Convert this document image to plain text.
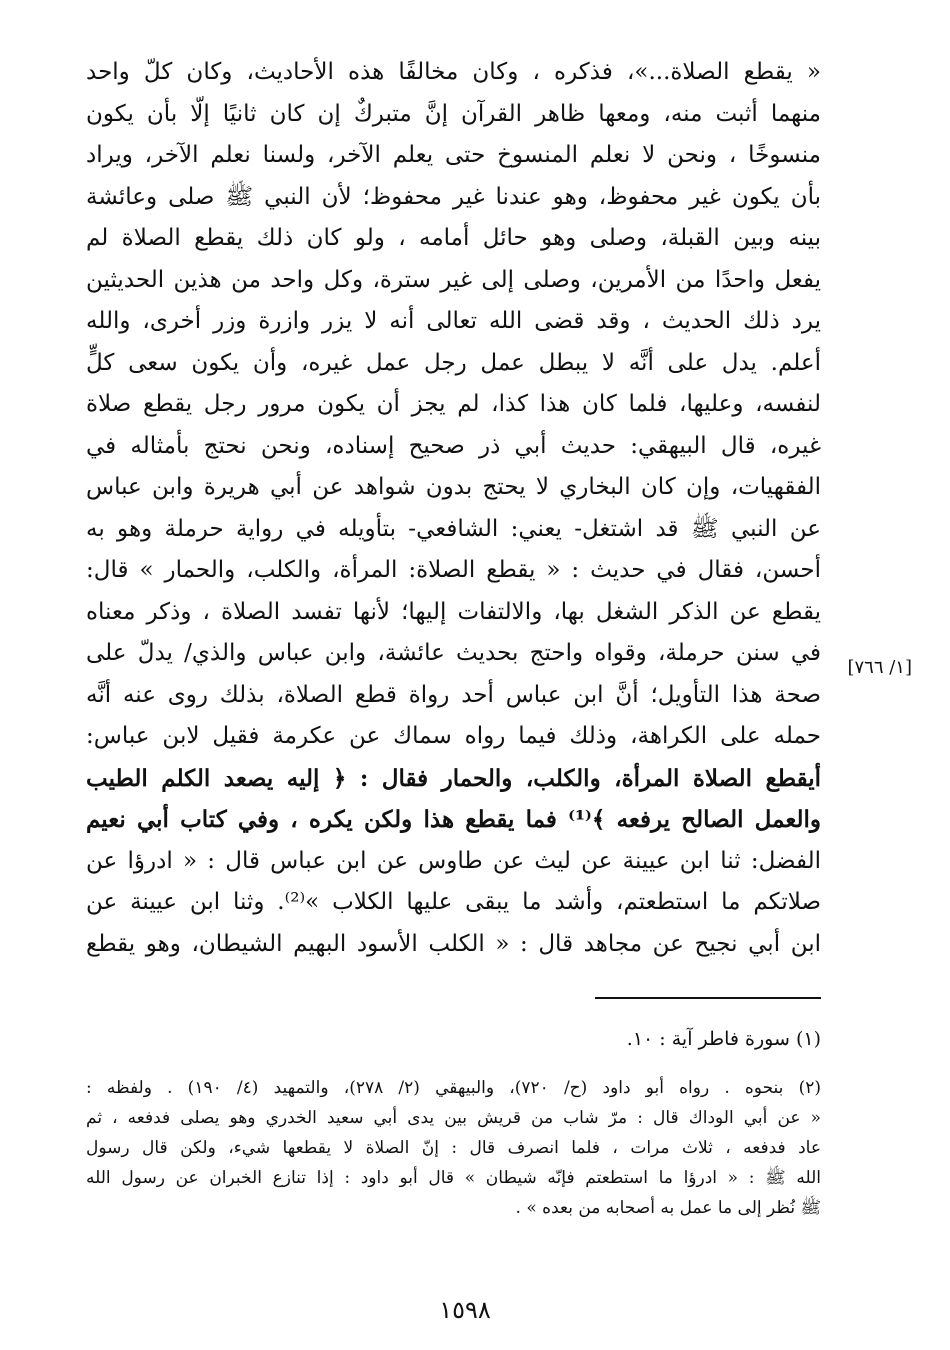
« يقطع الصلاة...»، فذكره ، وكان مخالفًا هذه الأحاديث، وكان كلّ واحد
منهما أثبت منه، ومعها ظاهر القرآن إنَّ متبركٌ إن كان ثانيًا إلّا بأن يكون
منسوخًا ، ونحن لا نعلم المنسوخ حتى يعلم الآخر، ولسنا نعلم الآخر، ويراد
بأن يكون غير محفوظ، وهو عندنا غير محفوظ؛ لأن النبي ﷺ صلى وعائشة
بينه وبين القبلة، وصلى وهو حائل أمامه ، ولو كان ذلك يقطع الصلاة لم
يفعل واحدًا من الأمرين، وصلى إلى غير سترة، وكل واحد من هذين الحديثين
يرد ذلك الحديث ، وقد قضى الله تعالى أنه لا يزر وازرة وزر أخرى، والله
أعلم. يدل على أنَّه لا يبطل عمل رجل عمل غيره، وأن يكون سعى كلٍّ
لنفسه، وعليها، فلما كان هذا كذا، لم يجز أن يكون مرور رجل يقطع صلاة
غيره، قال البيهقي: حديث أبي ذر صحيح إسناده، ونحن نحتج بأمثاله في
الفقهيات، وإن كان البخاري لا يحتج بدون شواهد عن أبي هريرة وابن عباس
عن النبي ﷺ قد اشتغل- يعني: الشافعي- بتأويله في رواية حرملة وهو به
أحسن، فقال في حديث : « يقطع الصلاة: المرأة، والكلب، والحمار » قال:
يقطع عن الذكر الشغل بها، والالتفات إليها؛ لأنها تفسد الصلاة ، وذكر معناه
في سنن حرملة، وقواه واحتج بحديث عائشة، وابن عباس والذي/ يدلّ على
صحة هذا التأويل؛ أنَّ ابن عباس أحد رواة قطع الصلاة، بذلك روى عنه أنَّه
حمله على الكراهة، وذلك فيما رواه سماك عن عكرمة فقيل لابن عباس:
أيقطع الصلاة المرأة، والكلب، والحمار فقال : ﴿ إليه يصعد الكلم الطيب
والعمل الصالح يرفعه ﴾⁽¹⁾ فما يقطع هذا ولكن يكره ، وفي كتاب أبي نعيم
الفضل: ثنا ابن عيينة عن ليث عن طاوس عن ابن عباس قال : « ادرؤا عن
صلاتكم ما استطعتم، وأشد ما يبقى عليها الكلاب »⁽²⁾. وثنا ابن عيينة عن
ابن أبي نجيح عن مجاهد قال : « الكلب الأسود البهيم الشيطان، وهو يقطع
[١/ ٧٦٦]
(١) سورة فاطر آية : ١٠.
(٢) بنحوه . رواه أبو داود (ح/ ٧٢٠)، والبيهقي (٢/ ٢٧٨)، والتمهيد (٤/ ١٩٠) . ولفظه :
« عن أبي الوداك قال : مرّ شاب من قريش بين يدى أبي سعيد الخدري وهو يصلى فدفعه ، ثم
عاد فدفعه ، ثلاث مرات ، فلما انصرف قال : إنّ الصلاة لا يقطعها شيء، ولكن قال رسول
الله ﷺ : « ادرؤا ما استطعتم فإنّه شيطان » قال أبو داود : إذا تنازع الخبران عن رسول الله
ﷺ نُظر إلى ما عمل به أصحابه من بعده » .
١٥٩٨
